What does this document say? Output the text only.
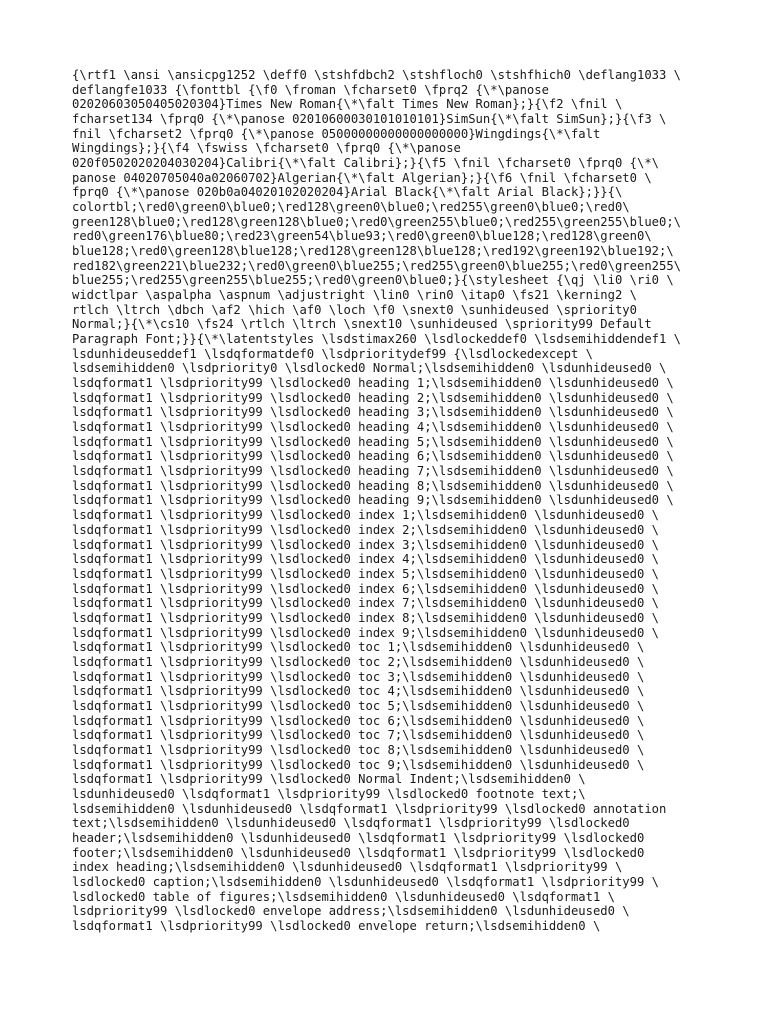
{\rtf1 \ansi \ansicpg1252 \deff0 \stshfdbch2 \stshfloch0 \stshfhich0 \deflang1033 \
deflangfe1033 {\fonttbl {\f0 \froman \fcharset0 \fprq2 {\*\panose
02020603050405020304}Times New Roman{\*\falt Times New Roman};}{\f2 \fnil \
fcharset134 \fprq0 {\*\panose 02010600030101010101}SimSun{\*\falt SimSun};}{\f3 \
fnil \fcharset2 \fprq0 {\*\panose 05000000000000000000}Wingdings{\*\falt
Wingdings};}{\f4 \fswiss \fcharset0 \fprq0 {\*\panose
020f0502020204030204}Calibri{\*\falt Calibri};}{\f5 \fnil \fcharset0 \fprq0 {\*\
panose 04020705040a02060702}Algerian{\*\falt Algerian};}{\f6 \fnil \fcharset0 \
fprq0 {\*\panose 020b0a04020102020204}Arial Black{\*\falt Arial Black};}}{\
colortbl;\red0\green0\blue0;\red128\green0\blue0;\red255\green0\blue0;\red0\
green128\blue0;\red128\green128\blue0;\red0\green255\blue0;\red255\green255\blue0;\
red0\green176\blue80;\red23\green54\blue93;\red0\green0\blue128;\red128\green0\
blue128;\red0\green128\blue128;\red128\green128\blue128;\red192\green192\blue192;\
red182\green221\blue232;\red0\green0\blue255;\red255\green0\blue255;\red0\green255\
blue255;\red255\green255\blue255;\red0\green0\blue0;}{\stylesheet {\qj \li0 \ri0 \
widctlpar \aspalpha \aspnum \adjustright \lin0 \rin0 \itap0 \fs21 \kerning2 \
rtlch \ltrch \dbch \af2 \hich \af0 \loch \f0 \snext0 \sunhideused \spriority0
Normal;}{\*\cs10 \fs24 \rtlch \ltrch \snext10 \sunhideused \spriority99 Default
Paragraph Font;}}{\*\latentstyles \lsdstimax260 \lsdlockeddef0 \lsdsemihiddendef1 \
lsdunhideuseddef1 \lsdqformatdef0 \lsdprioritydef99 {\lsdlockedexcept \
lsdsemihidden0 \lsdpriority0 \lsdlocked0 Normal;\lsdsemihidden0 \lsdunhideused0 \
lsdqformat1 \lsdpriority99 \lsdlocked0 heading 1;\lsdsemihidden0 \lsdunhideused0 \
lsdqformat1 \lsdpriority99 \lsdlocked0 heading 2;\lsdsemihidden0 \lsdunhideused0 \
lsdqformat1 \lsdpriority99 \lsdlocked0 heading 3;\lsdsemihidden0 \lsdunhideused0 \
lsdqformat1 \lsdpriority99 \lsdlocked0 heading 4;\lsdsemihidden0 \lsdunhideused0 \
lsdqformat1 \lsdpriority99 \lsdlocked0 heading 5;\lsdsemihidden0 \lsdunhideused0 \
lsdqformat1 \lsdpriority99 \lsdlocked0 heading 6;\lsdsemihidden0 \lsdunhideused0 \
lsdqformat1 \lsdpriority99 \lsdlocked0 heading 7;\lsdsemihidden0 \lsdunhideused0 \
lsdqformat1 \lsdpriority99 \lsdlocked0 heading 8;\lsdsemihidden0 \lsdunhideused0 \
lsdqformat1 \lsdpriority99 \lsdlocked0 heading 9;\lsdsemihidden0 \lsdunhideused0 \
lsdqformat1 \lsdpriority99 \lsdlocked0 index 1;\lsdsemihidden0 \lsdunhideused0 \
lsdqformat1 \lsdpriority99 \lsdlocked0 index 2;\lsdsemihidden0 \lsdunhideused0 \
lsdqformat1 \lsdpriority99 \lsdlocked0 index 3;\lsdsemihidden0 \lsdunhideused0 \
lsdqformat1 \lsdpriority99 \lsdlocked0 index 4;\lsdsemihidden0 \lsdunhideused0 \
lsdqformat1 \lsdpriority99 \lsdlocked0 index 5;\lsdsemihidden0 \lsdunhideused0 \
lsdqformat1 \lsdpriority99 \lsdlocked0 index 6;\lsdsemihidden0 \lsdunhideused0 \
lsdqformat1 \lsdpriority99 \lsdlocked0 index 7;\lsdsemihidden0 \lsdunhideused0 \
lsdqformat1 \lsdpriority99 \lsdlocked0 index 8;\lsdsemihidden0 \lsdunhideused0 \
lsdqformat1 \lsdpriority99 \lsdlocked0 index 9;\lsdsemihidden0 \lsdunhideused0 \
lsdqformat1 \lsdpriority99 \lsdlocked0 toc 1;\lsdsemihidden0 \lsdunhideused0 \
lsdqformat1 \lsdpriority99 \lsdlocked0 toc 2;\lsdsemihidden0 \lsdunhideused0 \
lsdqformat1 \lsdpriority99 \lsdlocked0 toc 3;\lsdsemihidden0 \lsdunhideused0 \
lsdqformat1 \lsdpriority99 \lsdlocked0 toc 4;\lsdsemihidden0 \lsdunhideused0 \
lsdqformat1 \lsdpriority99 \lsdlocked0 toc 5;\lsdsemihidden0 \lsdunhideused0 \
lsdqformat1 \lsdpriority99 \lsdlocked0 toc 6;\lsdsemihidden0 \lsdunhideused0 \
lsdqformat1 \lsdpriority99 \lsdlocked0 toc 7;\lsdsemihidden0 \lsdunhideused0 \
lsdqformat1 \lsdpriority99 \lsdlocked0 toc 8;\lsdsemihidden0 \lsdunhideused0 \
lsdqformat1 \lsdpriority99 \lsdlocked0 toc 9;\lsdsemihidden0 \lsdunhideused0 \
lsdqformat1 \lsdpriority99 \lsdlocked0 Normal Indent;\lsdsemihidden0 \
lsdunhideused0 \lsdqformat1 \lsdpriority99 \lsdlocked0 footnote text;\
lsdsemihidden0 \lsdunhideused0 \lsdqformat1 \lsdpriority99 \lsdlocked0 annotation
text;\lsdsemihidden0 \lsdunhideused0 \lsdqformat1 \lsdpriority99 \lsdlocked0
header;\lsdsemihidden0 \lsdunhideused0 \lsdqformat1 \lsdpriority99 \lsdlocked0
footer;\lsdsemihidden0 \lsdunhideused0 \lsdqformat1 \lsdpriority99 \lsdlocked0
index heading;\lsdsemihidden0 \lsdunhideused0 \lsdqformat1 \lsdpriority99 \
lsdlocked0 caption;\lsdsemihidden0 \lsdunhideused0 \lsdqformat1 \lsdpriority99 \
lsdlocked0 table of figures;\lsdsemihidden0 \lsdunhideused0 \lsdqformat1 \
lsdpriority99 \lsdlocked0 envelope address;\lsdsemihidden0 \lsdunhideused0 \
lsdqformat1 \lsdpriority99 \lsdlocked0 envelope return;\lsdsemihidden0 \
